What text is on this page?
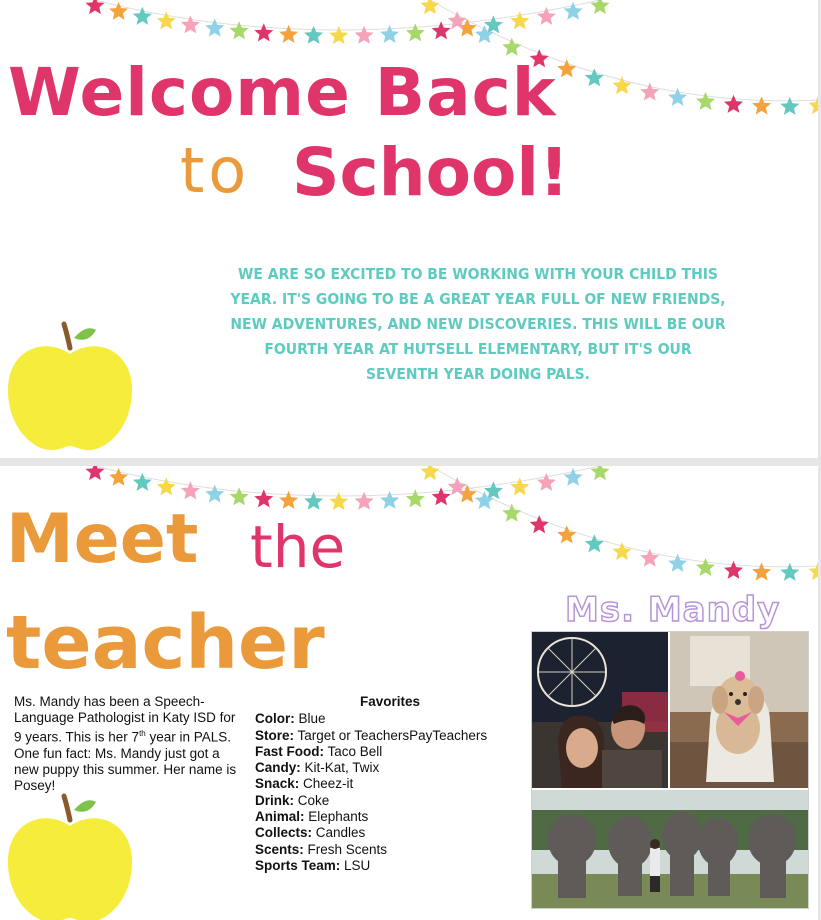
Welcome Back
to School!
WE ARE SO EXCITED TO BE WORKING WITH YOUR CHILD THIS YEAR. IT'S GOING TO BE A GREAT YEAR FULL OF NEW FRIENDS, NEW ADVENTURES, AND NEW DISCOVERIES. THIS WILL BE OUR FOURTH YEAR AT HUTSELL ELEMENTARY, BUT IT'S OUR SEVENTH YEAR DOING PALS.
Meet the
teacher
Ms. Mandy has been a Speech-Language Pathologist in Katy ISD for 9 years. This is her 7th year in PALS. One fun fact: Ms. Mandy just got a new puppy this summer. Her name is Posey!
Favorites
Color: Blue
Store: Target or TeachersPayTeachers
Fast Food: Taco Bell
Candy: Kit-Kat, Twix
Snack: Cheez-it
Drink: Coke
Animal: Elephants
Collects: Candles
Scents: Fresh Scents
Sports Team: LSU
Ms. Mandy
